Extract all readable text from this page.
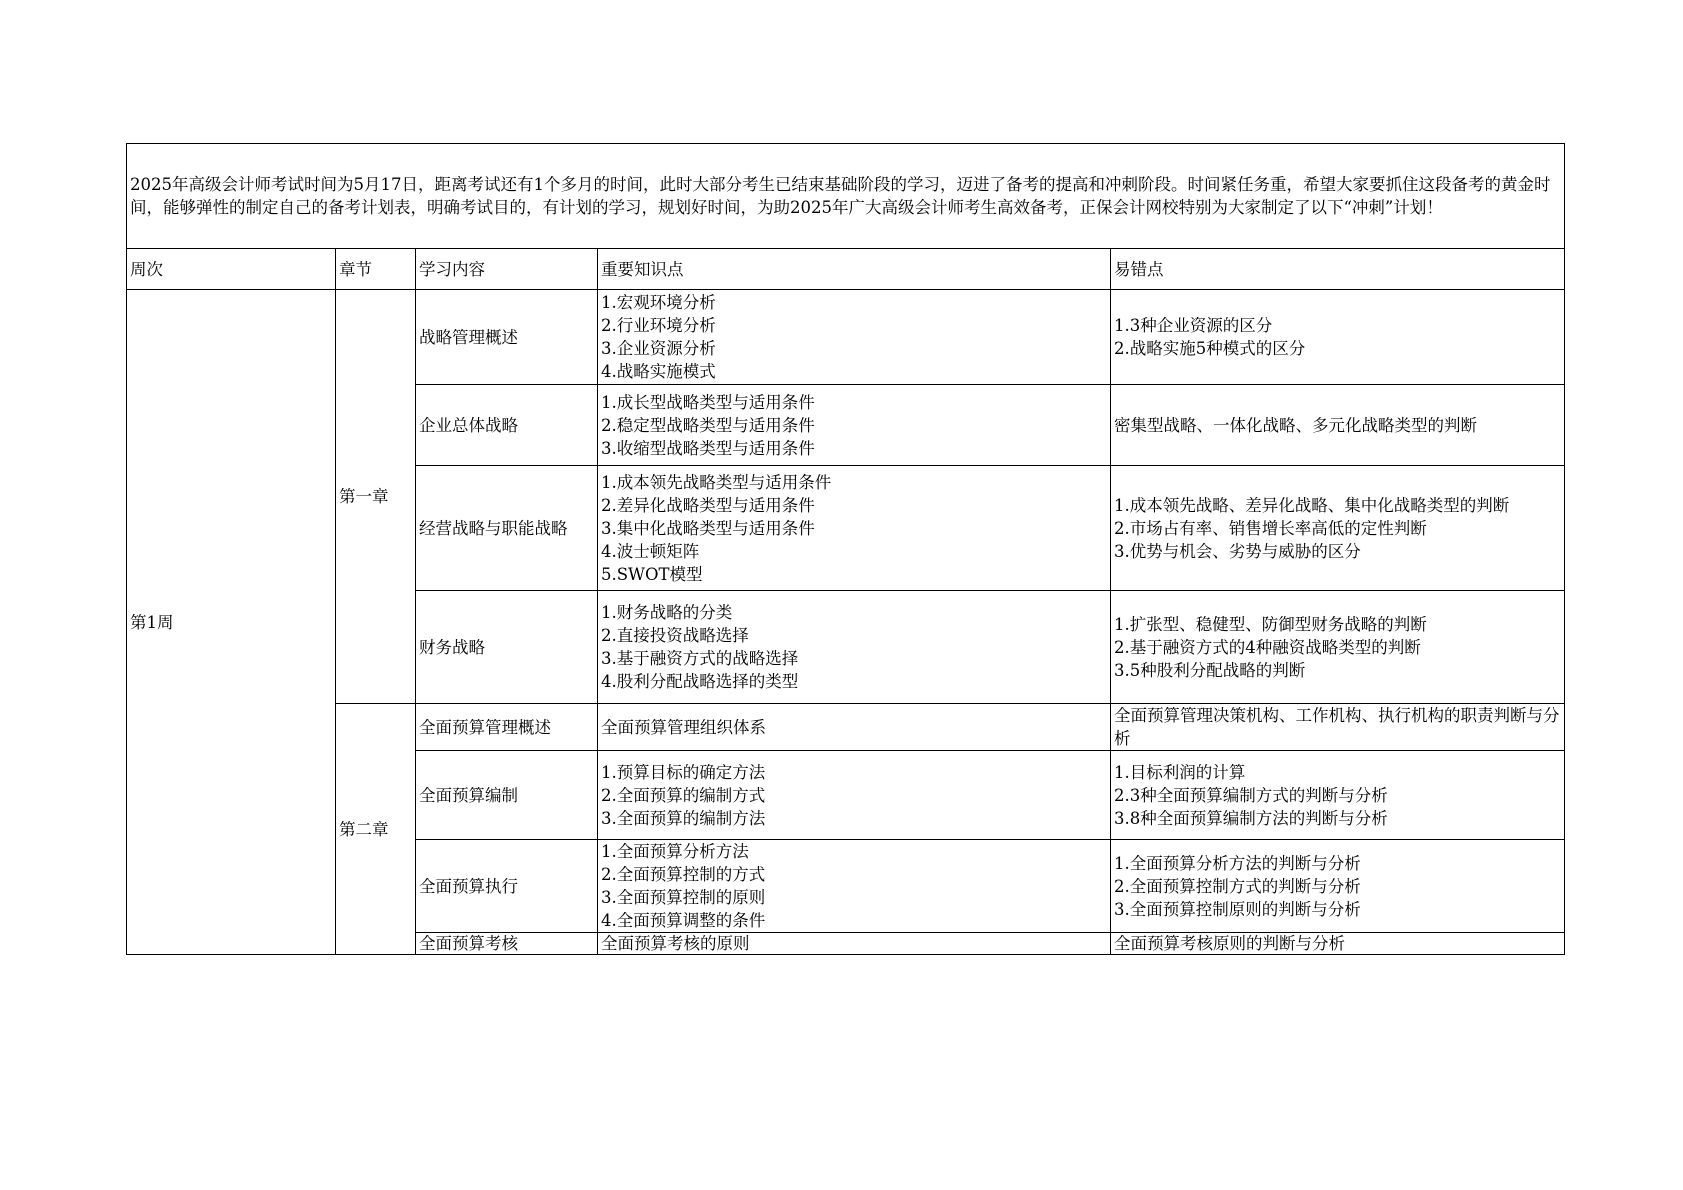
2025年高级会计师考试时间为5月17日，距离考试还有1个多月的时间，此时大部分考生已结束基础阶段的学习，迈进了备考的提高和冲刺阶段。时间紧任务重，希望大家要抓住这段备考的黄金时间，能够弹性的制定自己的备考计划表，明确考试目的，有计划的学习，规划好时间，为助2025年广大高级会计师考生高效备考，正保会计网校特别为大家制定了以下“冲刺”计划！				
周次	章节	学习内容	重要知识点	易错点
第1周	第一章	战略管理概述	1.宏观环境分析
2.行业环境分析
3.企业资源分析
4.战略实施模式	1.3种企业资源的区分
2.战略实施5种模式的区分

		企业总体战略	1.成长型战略类型与适用条件
2.稳定型战略类型与适用条件
3.收缩型战略类型与适用条件	密集型战略、一体化战略、多元化战略类型的判断

		经营战略与职能战略	1.成本领先战略类型与适用条件
2.差异化战略类型与适用条件
3.集中化战略类型与适用条件
4.波士顿矩阵
5.SWOT模型	1.成本领先战略、差异化战略、集中化战略类型的判断
2.市场占有率、销售增长率高低的定性判断
3.优势与机会、劣势与威胁的区分

		财务战略	1.财务战略的分类
2.直接投资战略选择
3.基于融资方式的战略选择
4.股利分配战略选择的类型	1.扩张型、稳健型、防御型财务战略的判断
2.基于融资方式的4种融资战略类型的判断
3.5种股利分配战略的判断

	第二章	全面预算管理概述	全面预算管理组织体系	全面预算管理决策机构、工作机构、执行机构的职责判断与分析

		全面预算编制	1.预算目标的确定方法
2.全面预算的编制方式
3.全面预算的编制方法	1.目标利润的计算
2.3种全面预算编制方式的判断与分析
3.8种全面预算编制方法的判断与分析

		全面预算执行	1.全面预算分析方法
2.全面预算控制的方式
3.全面预算控制的原则
4.全面预算调整的条件	1.全面预算分析方法的判断与分析
2.全面预算控制方式的判断与分析
3.全面预算控制原则的判断与分析

		全面预算考核	全面预算考核的原则	全面预算考核原则的判断与分析
